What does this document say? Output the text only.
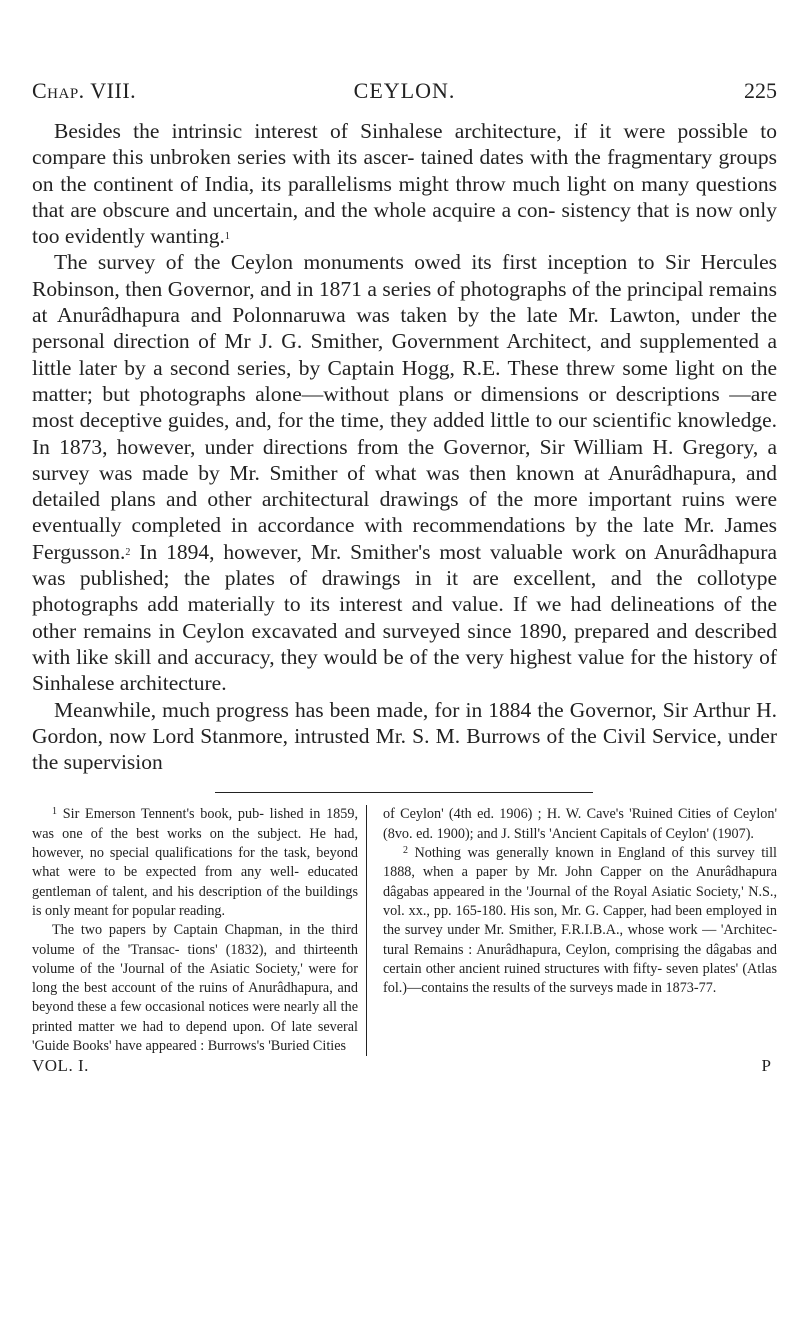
Chap. VIII.	CEYLON.	225

Besides the intrinsic interest of Sinhalese architecture, if it were possible to compare this unbroken series with its ascer- tained dates with the fragmentary groups on the continent of India, its parallelisms might throw much light on many questions that are obscure and uncertain, and the whole acquire a con- sistency that is now only too evidently wanting.$^1$

The survey of the Ceylon monuments owed its first inception to Sir Hercules Robinson, then Governor, and in 1871 a series of photographs of the principal remains at Anurâdhapura and Polonnaruwa was taken by the late Mr. Lawton, under the personal direction of Mr J. G. Smither, Government Architect, and supplemented a little later by a second series, by Captain Hogg, R.E. These threw some light on the matter; but photographs alone—without plans or dimensions or descriptions —are most deceptive guides, and, for the time, they added little to our scientific knowledge. In 1873, however, under directions from the Governor, Sir William H. Gregory, a survey was made by Mr. Smither of what was then known at Anurâdhapura, and detailed plans and other architectural drawings of the more important ruins were eventually completed in accordance with recommendations by the late Mr. James Fergusson.$^2$ In 1894, however, Mr. Smither's most valuable work on Anurâdhapura was published; the plates of drawings in it are excellent, and the collotype photographs add materially to its interest and value. If we had delineations of the other remains in Ceylon excavated and surveyed since 1890, prepared and described with like skill and accuracy, they would be of the very highest value for the history of Sinhalese architecture.

Meanwhile, much progress has been made, for in 1884 the Governor, Sir Arthur H. Gordon, now Lord Stanmore, intrusted Mr. S. M. Burrows of the Civil Service, under the supervision

$^1$ Sir Emerson Tennent's book, pub- lished in 1859, was one of the best works on the subject. He had, however, no special qualifications for the task, beyond what were to be expected from any well- educated gentleman of talent, and his description of the buildings is only meant for popular reading.

The two papers by Captain Chapman, in the third volume of the 'Transac- tions' (1832), and thirteenth volume of the 'Journal of the Asiatic Society,' were for long the best account of the ruins of Anurâdhapura, and beyond these a few occasional notices were nearly all the printed matter we had to depend upon. Of late several 'Guide Books' have appeared : Burrows's 'Buried Cities

of Ceylon' (4th ed. 1906) ; H. W. Cave's 'Ruined Cities of Ceylon' (8vo. ed. 1900); and J. Still's 'Ancient Capitals of Ceylon' (1907).

$^2$ Nothing was generally known in England of this survey till 1888, when a paper by Mr. John Capper on the Anurâdhapura dâgabas appeared in the 'Journal of the Royal Asiatic Society,' N.S., vol. xx., pp. 165-180. His son, Mr. G. Capper, had been employed in the survey under Mr. Smither, F.R.I.B.A., whose work — 'Architec- tural Remains : Anurâdhapura, Ceylon, comprising the dâgabas and certain other ancient ruined structures with fifty- seven plates' (Atlas fol.)—contains the results of the surveys made in 1873-77.

VOL. I.	P
